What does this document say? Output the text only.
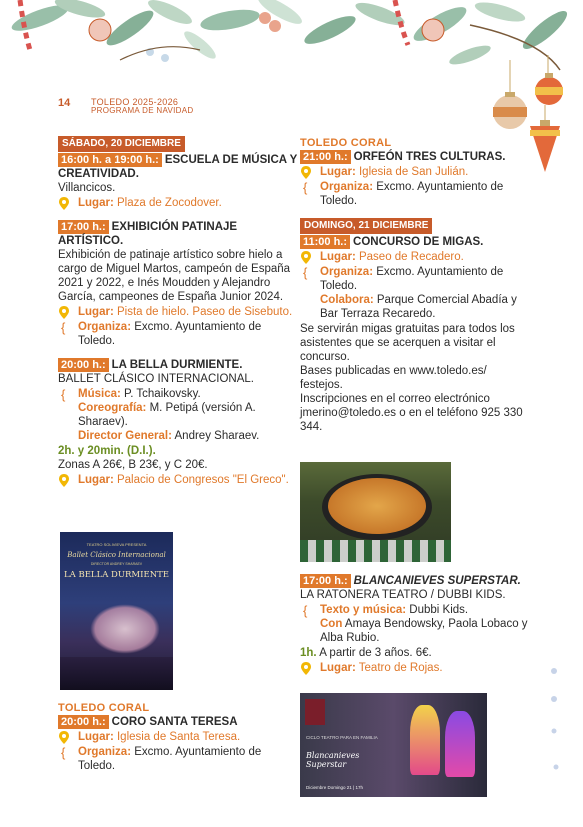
14 TOLEDO 2025-2026
PROGRAMA DE NAVIDAD
SÁBADO, 20 DICIEMBRE
16:00 h. a 19:00 h.: ESCUELA DE MÚSICA Y CREATIVIDAD.
Villancicos.
Lugar: Plaza de Zocodover.
17:00 h.: EXHIBICIÓN PATINAJE ARTÍSTICO.
Exhibición de patinaje artístico sobre hielo a cargo de Miguel Martos, campeón de España 2021 y 2022, e Inés Moudden y Alejandro García, campeones de España Junior 2024.
Lugar: Pista de hielo. Paseo de Sisebuto.
{ Organiza: Excmo. Ayuntamiento de Toledo.
20:00 h.: LA BELLA DURMIENTE.
BALLET CLÁSICO INTERNACIONAL.
{ Música: P. Tchaikovsky.
Coreografía: M. Petipá (versión A. Sharaev).
Director General: Andrey Sharaev.
2h. y 20min. (D.I.).
Zonas A 26€, B 23€, y C 20€.
Lugar: Palacio de Congresos "El Greco".
TEATRO SOLIVIEVA PRESENTA
Ballet Clásico Internacional
DIRECTOR ANDREY SHARAEV
LA BELLA DURMIENTE
TOLEDO CORAL
20:00 h.: CORO SANTA TERESA
Lugar: Iglesia de Santa Teresa.
{ Organiza: Excmo. Ayuntamiento de Toledo.
TOLEDO CORAL
21:00 h.: ORFEÓN TRES CULTURAS.
Lugar: Iglesia de San Julián.
{ Organiza: Excmo. Ayuntamiento de Toledo.
DOMINGO, 21 DICIEMBRE
11:00 h.: CONCURSO DE MIGAS.
Lugar: Paseo de Recadero.
{ Organiza: Excmo. Ayuntamiento de Toledo.
Colabora: Parque Comercial Abadía y Bar Terraza Recaredo.
Se servirán migas gratuitas para todos los asistentes que se acerquen a visitar el concurso.
Bases publicadas en www.toledo.es/ festejos.
Inscripciones en el correo electrónico jmerino@toledo.es o en el teléfono 925 330 344.
17:00 h.: BLANCANIEVES SUPERSTAR.
LA RATONERA TEATRO / DUBBI KIDS.
{ Texto y música: Dubbi Kids.
Con Amaya Bendowsky, Paola Lobaco y Alba Rubio.
1h. A partir de 3 años. 6€.
Lugar: Teatro de Rojas.
CICLO TEATRO PARA EN FAMILIA
Blancanieves Superstar
Diciembre Domingo 21 | 17h
